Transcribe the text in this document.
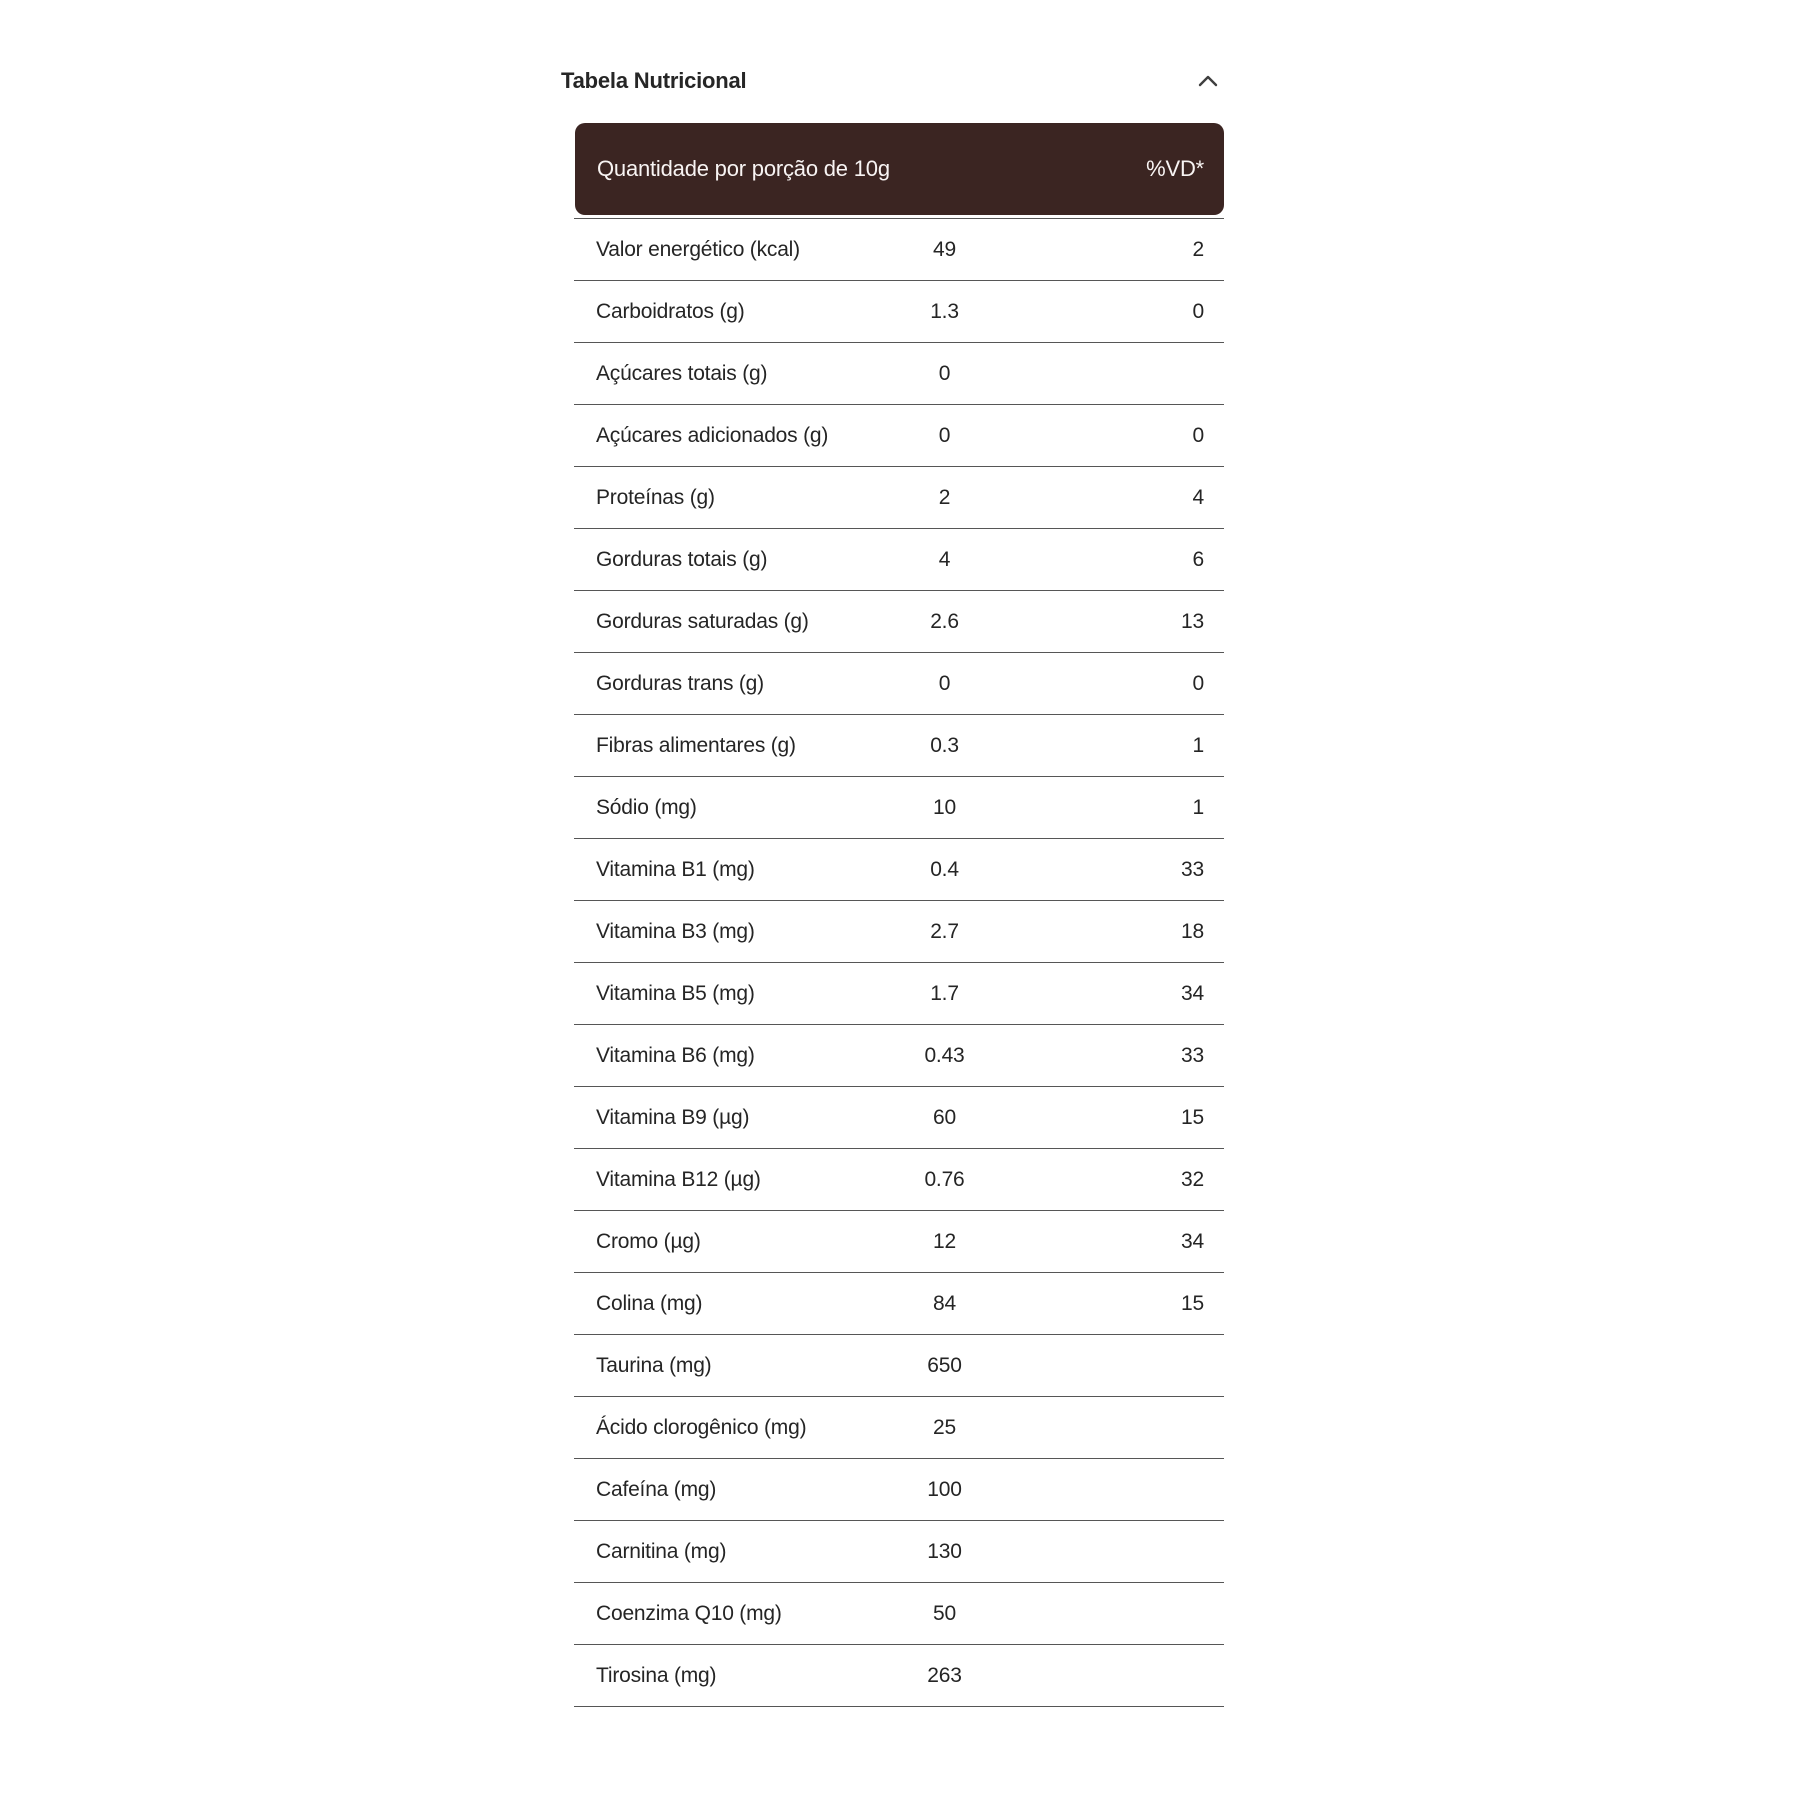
Tabela Nutricional
Quantidade por porção de 10g	%VD*
Valor energético (kcal)	49	2
Carboidratos (g)	1.3	0
Açúcares totais (g)	0
Açúcares adicionados (g)	0	0
Proteínas (g)	2	4
Gorduras totais (g)	4	6
Gorduras saturadas (g)	2.6	13
Gorduras trans (g)	0	0
Fibras alimentares (g)	0.3	1
Sódio (mg)	10	1
Vitamina B1 (mg)	0.4	33
Vitamina B3 (mg)	2.7	18
Vitamina B5 (mg)	1.7	34
Vitamina B6 (mg)	0.43	33
Vitamina B9 (µg)	60	15
Vitamina B12 (µg)	0.76	32
Cromo (µg)	12	34
Colina (mg)	84	15
Taurina (mg)	650
Ácido clorogênico (mg)	25
Cafeína (mg)	100
Carnitina (mg)	130
Coenzima Q10 (mg)	50
Tirosina (mg)	263
